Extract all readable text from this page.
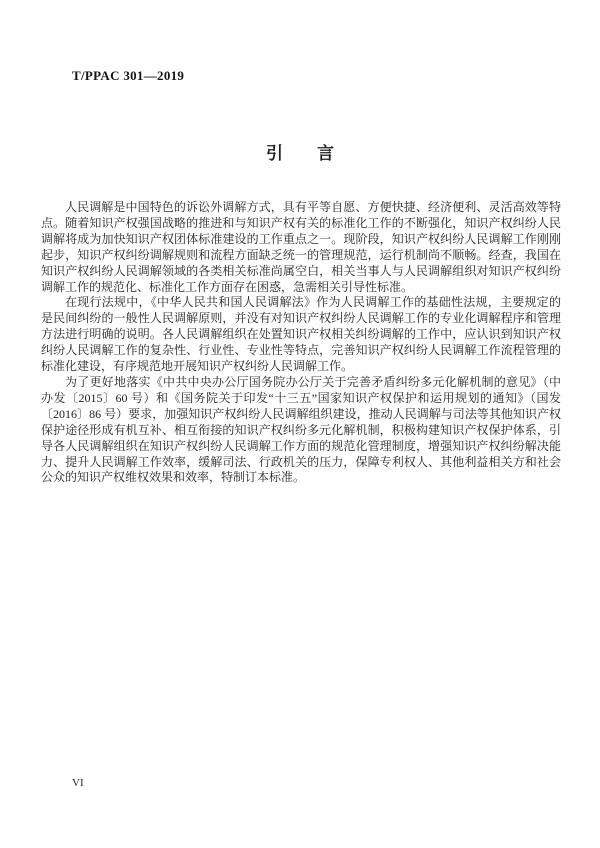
T/PPAC 301—2019
引　　言

人民调解是中国特色的诉讼外调解方式，具有平等自愿、方便快捷、经济便利、灵活高效等特点。随着知识产权强国战略的推进和与知识产权有关的标准化工作的不断强化，知识产权纠纷人民调解将成为加快知识产权团体标准建设的工作重点之一。现阶段，知识产权纠纷人民调解工作刚刚起步，知识产权纠纷调解规则和流程方面缺乏统一的管理规范，运行机制尚不顺畅。经查，我国在知识产权纠纷人民调解领域的各类相关标准尚属空白，相关当事人与人民调解组织对知识产权纠纷调解工作的规范化、标准化工作方面存在困惑，急需相关引导性标准。

在现行法规中，《中华人民共和国人民调解法》作为人民调解工作的基础性法规，主要规定的是民间纠纷的一般性人民调解原则，并没有对知识产权纠纷人民调解工作的专业化调解程序和管理方法进行明确的说明。各人民调解组织在处置知识产权相关纠纷调解的工作中，应认识到知识产权纠纷人民调解工作的复杂性、行业性、专业性等特点，完善知识产权纠纷人民调解工作流程管理的标准化建设，有序规范地开展知识产权纠纷人民调解工作。

为了更好地落实《中共中央办公厅国务院办公厅关于完善矛盾纠纷多元化解机制的意见》（中办发〔2015〕60 号）和《国务院关于印发“十三五”国家知识产权保护和运用规划的通知》（国发〔2016〕86 号）要求，加强知识产权纠纷人民调解组织建设，推动人民调解与司法等其他知识产权保护途径形成有机互补、相互衔接的知识产权纠纷多元化解机制，积极构建知识产权保护体系，引导各人民调解组织在知识产权纠纷人民调解工作方面的规范化管理制度，增强知识产权纠纷解决能力、提升人民调解工作效率，缓解司法、行政机关的压力，保障专利权人、其他利益相关方和社会公众的知识产权维权效果和效率，特制订本标准。

VI
